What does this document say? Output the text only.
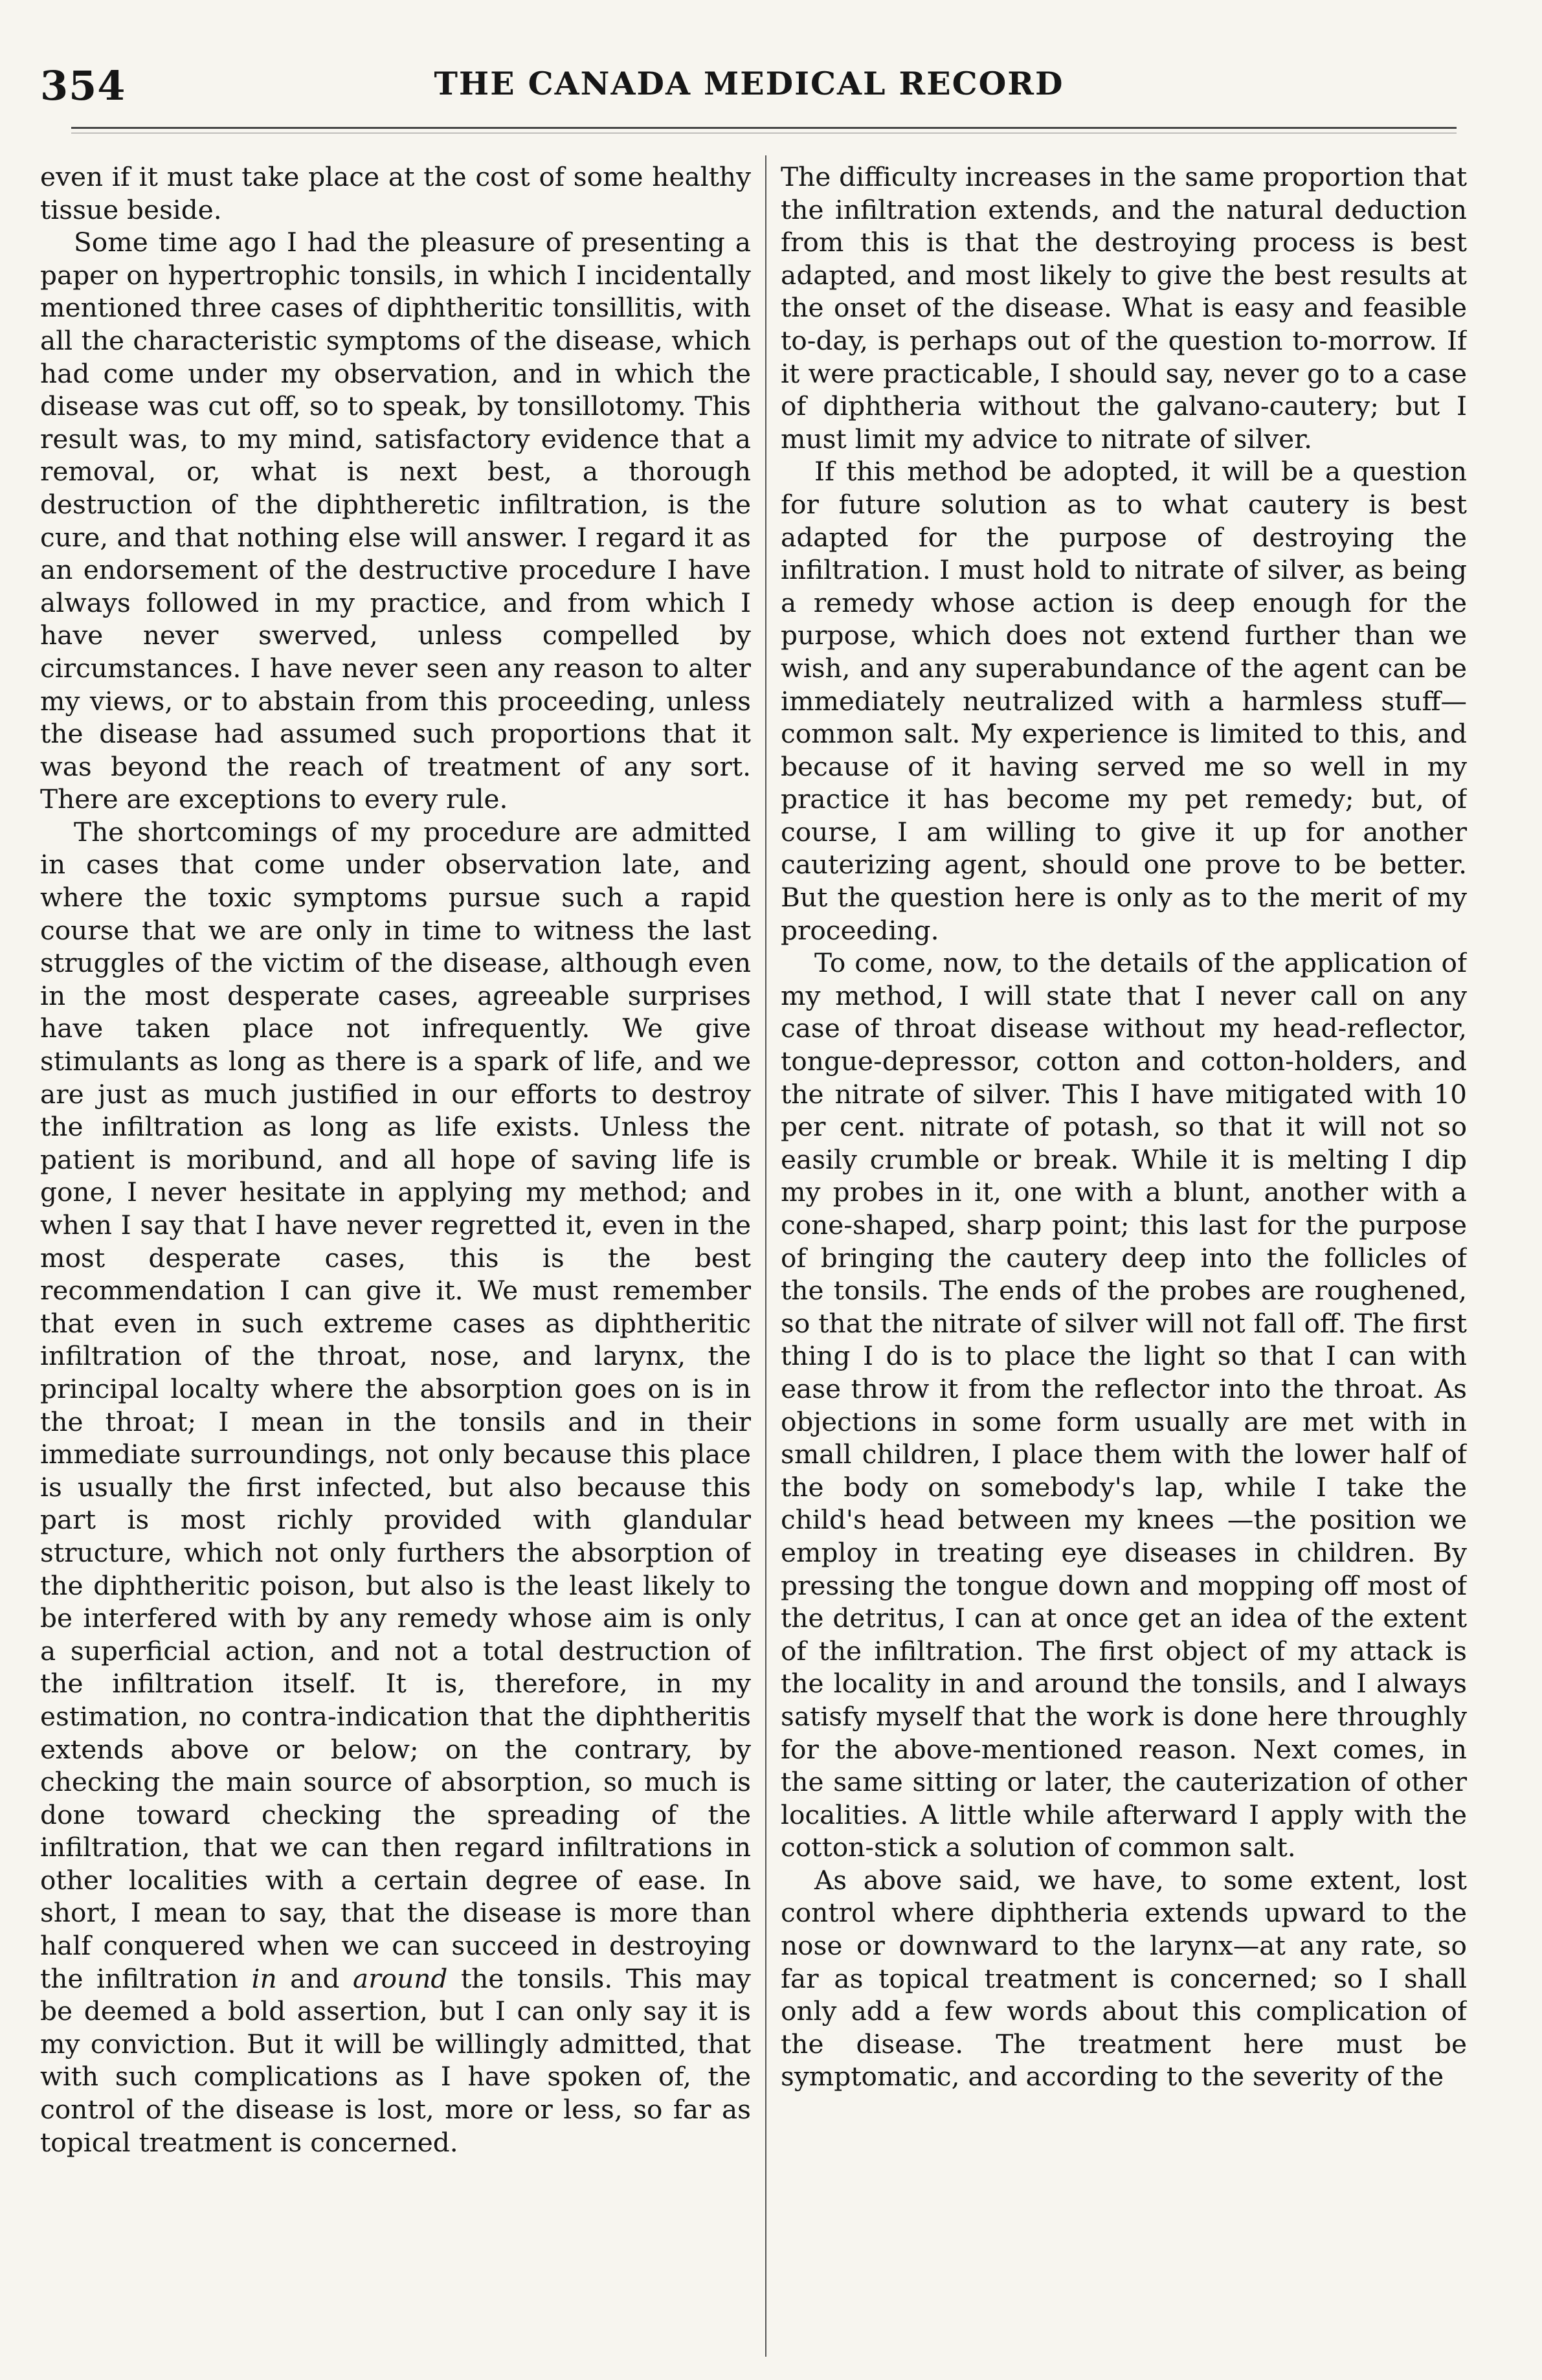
354	THE CANADA MEDICAL RECORD

even if it must take place at the cost of some healthy tissue beside.

Some time ago I had the pleasure of presenting a paper on hypertrophic tonsils, in which I incidentally mentioned three cases of diphtheritic tonsillitis, with all the characteristic symptoms of the disease, which had come under my observation, and in which the disease was cut off, so to speak, by tonsillotomy. This result was, to my mind, satisfactory evidence that a removal, or, what is next best, a thorough destruction of the diphtheretic infiltration, is the cure, and that nothing else will answer. I regard it as an endorsement of the destructive procedure I have always followed in my practice, and from which I have never swerved, unless compelled by circumstances. I have never seen any reason to alter my views, or to abstain from this proceeding, unless the disease had assumed such proportions that it was beyond the reach of treatment of any sort. There are exceptions to every rule.

The shortcomings of my procedure are admitted in cases that come under observation late, and where the toxic symptoms pursue such a rapid course that we are only in time to witness the last struggles of the victim of the disease, although even in the most desperate cases, agreeable surprises have taken place not infrequently. We give stimulants as long as there is a spark of life, and we are just as much justified in our efforts to destroy the infiltration as long as life exists. Unless the patient is moribund, and all hope of saving life is gone, I never hesitate in applying my method; and when I say that I have never regretted it, even in the most desperate cases, this is the best recommendation I can give it. We must remember that even in such extreme cases as diphtheritic infiltration of the throat, nose, and larynx, the principal localty where the absorption goes on is in the throat; I mean in the tonsils and in their immediate surroundings, not only because this place is usually the first infected, but also because this part is most richly provided with glandular structure, which not only furthers the absorption of the diphtheritic poison, but also is the least likely to be interfered with by any remedy whose aim is only a superficial action, and not a total destruction of the infiltration itself. It is, therefore, in my estimation, no contra-indication that the diphtheritis extends above or below; on the contrary, by checking the main source of absorption, so much is done toward checking the spreading of the infiltration, that we can then regard infiltrations in other localities with a certain degree of ease. In short, I mean to say, that the disease is more than half conquered when we can succeed in destroying the infiltration in and around the tonsils. This may be deemed a bold assertion, but I can only say it is my conviction. But it will be willingly admitted, that with such complications as I have spoken of, the control of the disease is lost, more or less, so far as topical treatment is concerned.

The difficulty increases in the same proportion that the infiltration extends, and the natural deduction from this is that the destroying process is best adapted, and most likely to give the best results at the onset of the disease. What is easy and feasible to-day, is perhaps out of the question to-morrow. If it were practicable, I should say, never go to a case of diphtheria without the galvano-cautery; but I must limit my advice to nitrate of silver.

If this method be adopted, it will be a question for future solution as to what cautery is best adapted for the purpose of destroying the infiltration. I must hold to nitrate of silver, as being a remedy whose action is deep enough for the purpose, which does not extend further than we wish, and any superabundance of the agent can be immediately neutralized with a harmless stuff—common salt. My experience is limited to this, and because of it having served me so well in my practice it has become my pet remedy; but, of course, I am willing to give it up for another cauterizing agent, should one prove to be better. But the question here is only as to the merit of my proceeding.

To come, now, to the details of the application of my method, I will state that I never call on any case of throat disease without my head-reflector, tongue-depressor, cotton and cotton-holders, and the nitrate of silver. This I have mitigated with 10 per cent. nitrate of potash, so that it will not so easily crumble or break. While it is melting I dip my probes in it, one with a blunt, another with a cone-shaped, sharp point; this last for the purpose of bringing the cautery deep into the follicles of the tonsils. The ends of the probes are roughened, so that the nitrate of silver will not fall off. The first thing I do is to place the light so that I can with ease throw it from the reflector into the throat. As objections in some form usually are met with in small children, I place them with the lower half of the body on somebody's lap, while I take the child's head between my knees —the position we employ in treating eye diseases in children. By pressing the tongue down and mopping off most of the detritus, I can at once get an idea of the extent of the infiltration. The first object of my attack is the locality in and around the tonsils, and I always satisfy myself that the work is done here throughly for the above-mentioned reason. Next comes, in the same sitting or later, the cauterization of other localities. A little while afterward I apply with the cotton-stick a solution of common salt.

As above said, we have, to some extent, lost control where diphtheria extends upward to the nose or downward to the larynx—at any rate, so far as topical treatment is concerned; so I shall only add a few words about this complication of the disease. The treatment here must be symptomatic, and according to the severity of the
